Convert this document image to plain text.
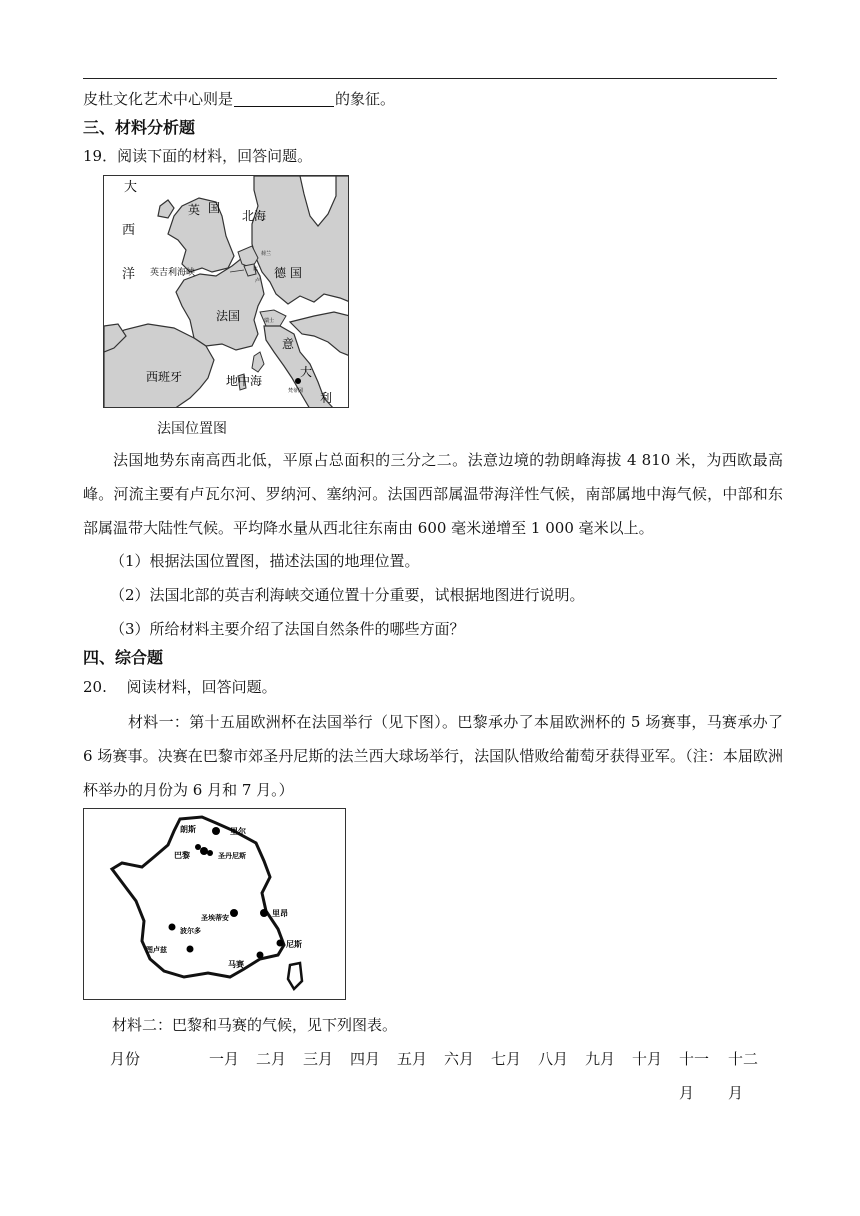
皮杜文化艺术中心则是	的象征。
三、材料分析题
19．阅读下面的材料，回答问题。
大
西
洋
英 国
北海
英吉利海峡
荷兰
比
卢
德 国
法国	瑞士
意
大
梵蒂冈 利
西班牙	地中海
法国位置图
法国地势东南高西北低，平原占总面积的三分之二。法意边境的勃朗峰海拔 4 810 米，为西欧最高峰。河流主要有卢瓦尔河、罗纳河、塞纳河。法国西部属温带海洋性气候，南部属地中海气候，中部和东部属温带大陆性气候。平均降水量从西北往东南由 600 毫米递增至 1 000 毫米以上。
（1）根据法国位置图，描述法国的地理位置。
（2）法国北部的英吉利海峡交通位置十分重要，试根据地图进行说明。
（3）所给材料主要介绍了法国自然条件的哪些方面？
四、综合题
20.　 阅读材料，回答问题。
材料一：第十五届欧洲杯在法国举行（见下图）。巴黎承办了本届欧洲杯的 5 场赛事，马赛承办了 6 场赛事。决赛在巴黎市郊圣丹尼斯的法兰西大球场举行，法国队惜败给葡萄牙获得亚军。（注：本届欧洲杯举办的月份为 6 月和 7 月。）
朗斯	里尔
巴黎	圣丹尼斯
圣埃蒂安	里昂
波尔多
图卢兹
尼斯
马赛
材料二：巴黎和马赛的气候，见下列图表。
月份	一月 二月 三月 四月 五月 六月 七月 八月 九月 十月 十一 十二
月 月
